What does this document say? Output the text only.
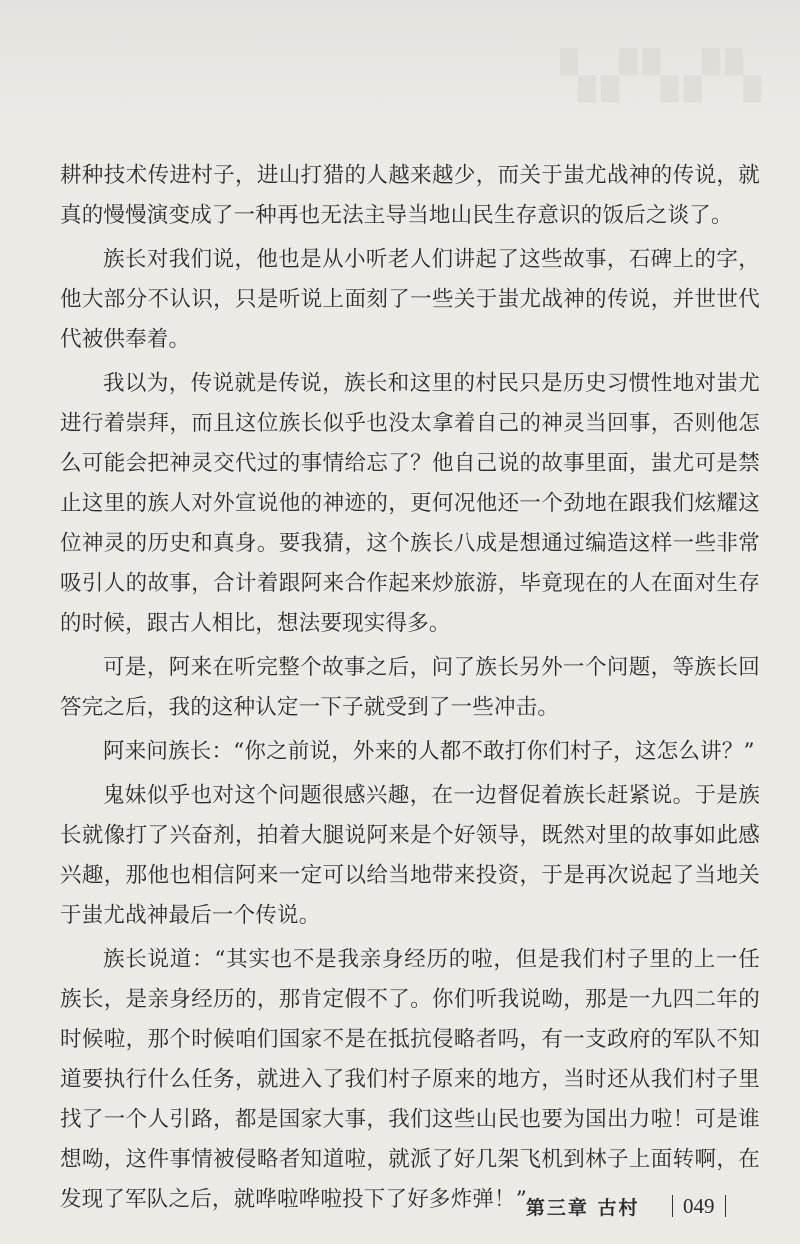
▚▞▚▞▚

耕种技术传进村子，进山打猎的人越来越少，而关于蚩尤战神的传说，就真的慢慢演变成了一种再也无法主导当地山民生存意识的饭后之谈了。

族长对我们说，他也是从小听老人们讲起了这些故事，石碑上的字，他大部分不认识，只是听说上面刻了一些关于蚩尤战神的传说，并世世代代被供奉着。

我以为，传说就是传说，族长和这里的村民只是历史习惯性地对蚩尤进行着崇拜，而且这位族长似乎也没太拿着自己的神灵当回事，否则他怎么可能会把神灵交代过的事情给忘了？他自己说的故事里面，蚩尤可是禁止这里的族人对外宣说他的神迹的，更何况他还一个劲地在跟我们炫耀这位神灵的历史和真身。要我猜，这个族长八成是想通过编造这样一些非常吸引人的故事，合计着跟阿来合作起来炒旅游，毕竟现在的人在面对生存的时候，跟古人相比，想法要现实得多。

可是，阿来在听完整个故事之后，问了族长另外一个问题，等族长回答完之后，我的这种认定一下子就受到了一些冲击。

阿来问族长：“你之前说，外来的人都不敢打你们村子，这怎么讲？”

鬼妹似乎也对这个问题很感兴趣，在一边督促着族长赶紧说。于是族长就像打了兴奋剂，拍着大腿说阿来是个好领导，既然对里的故事如此感兴趣，那他也相信阿来一定可以给当地带来投资，于是再次说起了当地关于蚩尤战神最后一个传说。

族长说道：“其实也不是我亲身经历的啦，但是我们村子里的上一任族长，是亲身经历的，那肯定假不了。你们听我说呦，那是一九四二年的时候啦，那个时候咱们国家不是在抵抗侵略者吗，有一支政府的军队不知道要执行什么任务，就进入了我们村子原来的地方，当时还从我们村子里找了一个人引路，都是国家大事，我们这些山民也要为国出力啦！可是谁想呦，这件事情被侵略者知道啦，就派了好几架飞机到林子上面转啊，在发现了军队之后，就哗啦哗啦投下了好多炸弹！”

第三章 古村 049
